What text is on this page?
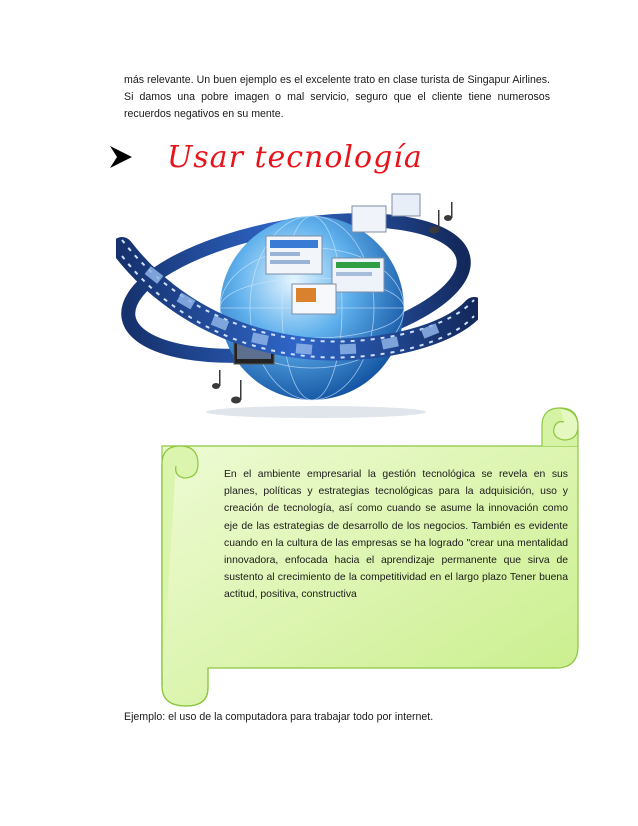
más relevante. Un buen ejemplo es el excelente trato en clase turista de Singapur Airlines. Si damos una pobre imagen o mal servicio, seguro que el cliente tiene numerosos recuerdos negativos en su mente.

Usar tecnología

En el ambiente empresarial la gestión tecnológica se revela en sus planes, políticas y estrategias tecnológicas para la adquisición, uso y creación de tecnología, así como cuando se asume la innovación como eje de las estrategias de desarrollo de los negocios. También es evidente cuando en la cultura de las empresas se ha logrado "crear una mentalidad innovadora, enfocada hacia el aprendizaje permanente que sirva de sustento al crecimiento de la competitividad en el largo plazo Tener buena actitud, positiva, constructiva

Ejemplo: el uso de la computadora para trabajar todo por internet.
